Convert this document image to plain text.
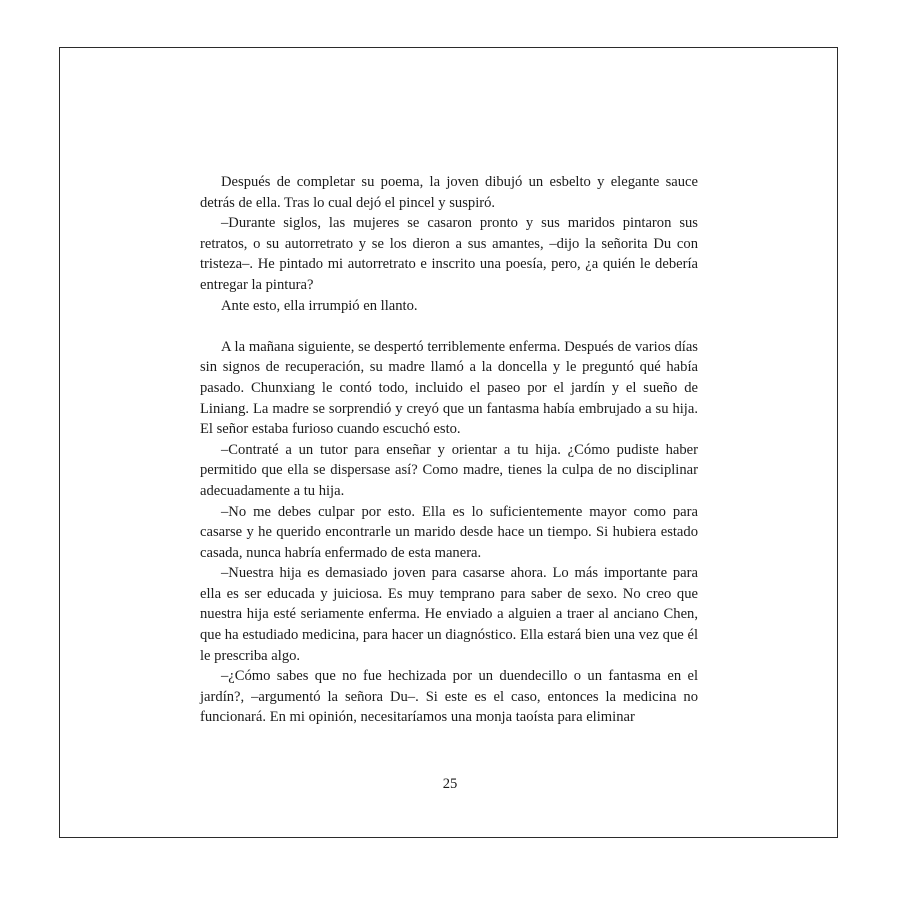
Después de completar su poema, la joven dibujó un esbelto y elegante sauce detrás de ella. Tras lo cual dejó el pincel y suspiró.

–Durante siglos, las mujeres se casaron pronto y sus maridos pintaron sus retratos, o su autorretrato y se los dieron a sus amantes, –dijo la señorita Du con tristeza–. He pintado mi autorretrato e inscrito una poesía, pero, ¿a quién le debería entregar la pintura?

Ante esto, ella irrumpió en llanto.

A la mañana siguiente, se despertó terriblemente enferma. Después de varios días sin signos de recuperación, su madre llamó a la doncella y le preguntó qué había pasado. Chunxiang le contó todo, incluido el paseo por el jardín y el sueño de Liniang. La madre se sorprendió y creyó que un fantasma había embrujado a su hija. El señor estaba furioso cuando escuchó esto.

–Contraté a un tutor para enseñar y orientar a tu hija. ¿Cómo pudiste haber permitido que ella se dispersase así? Como madre, tienes la culpa de no disciplinar adecuadamente a tu hija.

–No me debes culpar por esto. Ella es lo suficientemente mayor como para casarse y he querido encontrarle un marido desde hace un tiempo. Si hubiera estado casada, nunca habría enfermado de esta manera.

–Nuestra hija es demasiado joven para casarse ahora. Lo más importante para ella es ser educada y juiciosa. Es muy temprano para saber de sexo. No creo que nuestra hija esté seriamente enferma. He enviado a alguien a traer al anciano Chen, que ha estudiado medicina, para hacer un diagnóstico. Ella estará bien una vez que él le prescriba algo.

–¿Cómo sabes que no fue hechizada por un duendecillo o un fantasma en el jardín?, –argumentó la señora Du–. Si este es el caso, entonces la medicina no funcionará. En mi opinión, necesitaríamos una monja taoísta para eliminar

25
